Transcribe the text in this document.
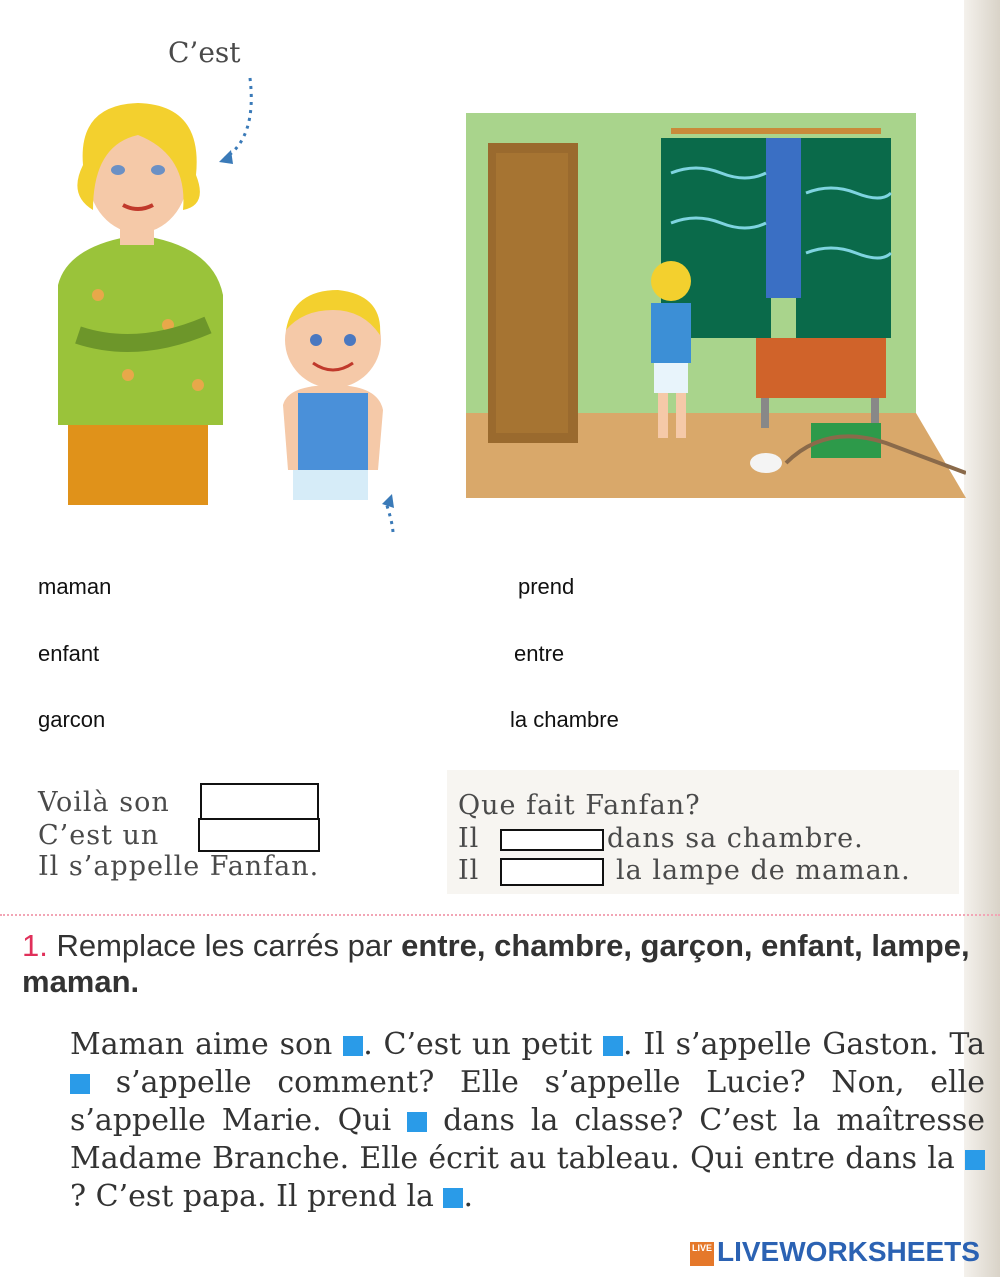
C’est
maman
enfant
garcon
prend
entre
la chambre
Voilà son
C’est un
Il s’appelle Fanfan.
Que fait Fanfan?
Il	dans sa chambre.
Il	la lampe de maman.
1. Remplace les carrés par entre, chambre, garçon, enfant, lampe, maman.
Maman aime son . C’est un petit . Il s’appelle Gaston. Ta  s’appelle comment? Elle s’appelle Lucie? Non, elle s’appelle Marie. Qui dans la classe? C’est la maîtresse Madame Branche. Elle écrit au tableau. Qui entre dans la ? C’est papa. Il prend la .
LIVE LIVEWORKSHEETS
